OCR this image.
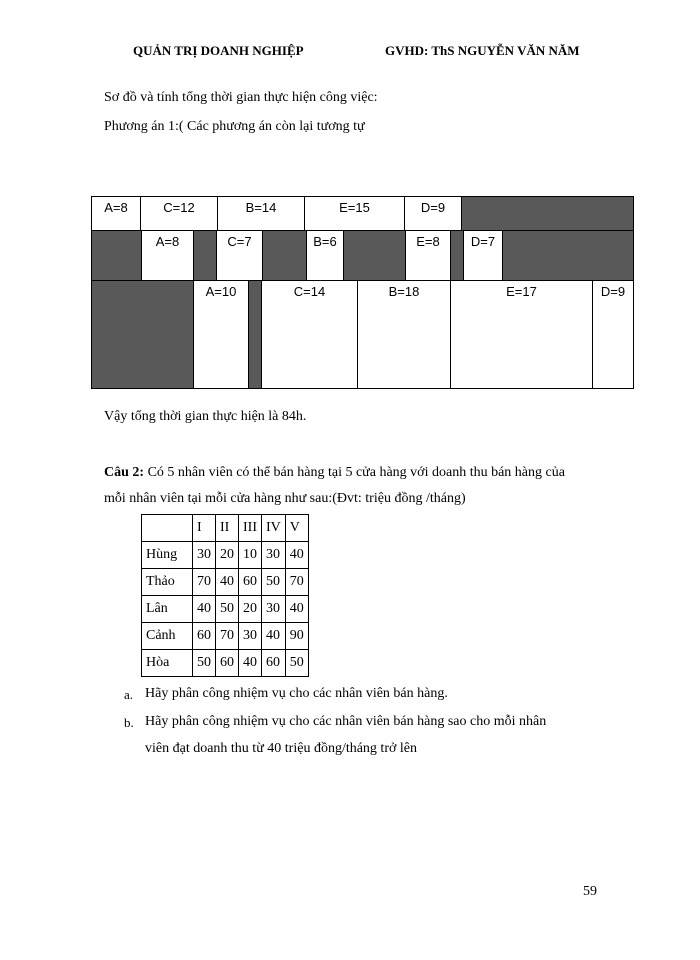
QUẢN TRỊ DOANH NGHIỆP	GVHD: ThS NGUYỄN VĂN NĂM
Sơ đồ và tính tổng thời gian thực hiện công việc:
Phương án 1:( Các phương án còn lại tương tự
A=8	C=12	B=14	E=15	D=9
A=8	C=7	B=6	E=8	D=7
A=10	C=14	B=18	E=17	D=9
Vậy tổng thời gian thực hiện là 84h.
Câu 2: Có 5 nhân viên có thể bán hàng tại 5 cửa hàng với doanh thu bán hàng của
mỗi nhân viên tại mỗi cửa hàng như sau:(Đvt: triệu đồng /tháng)
	I	II	III	IV	V
Hùng	30	20	10	30	40
Thảo	70	40	60	50	70
Lân	40	50	20	30	40
Cảnh	60	70	30	40	90
Hòa	50	60	40	60	50
a. Hãy phân công nhiệm vụ cho các nhân viên bán hàng.
b. Hãy phân công nhiệm vụ cho các nhân viên bán hàng sao cho mỗi nhân
viên đạt doanh thu từ 40 triệu đồng/tháng trở lên
59
